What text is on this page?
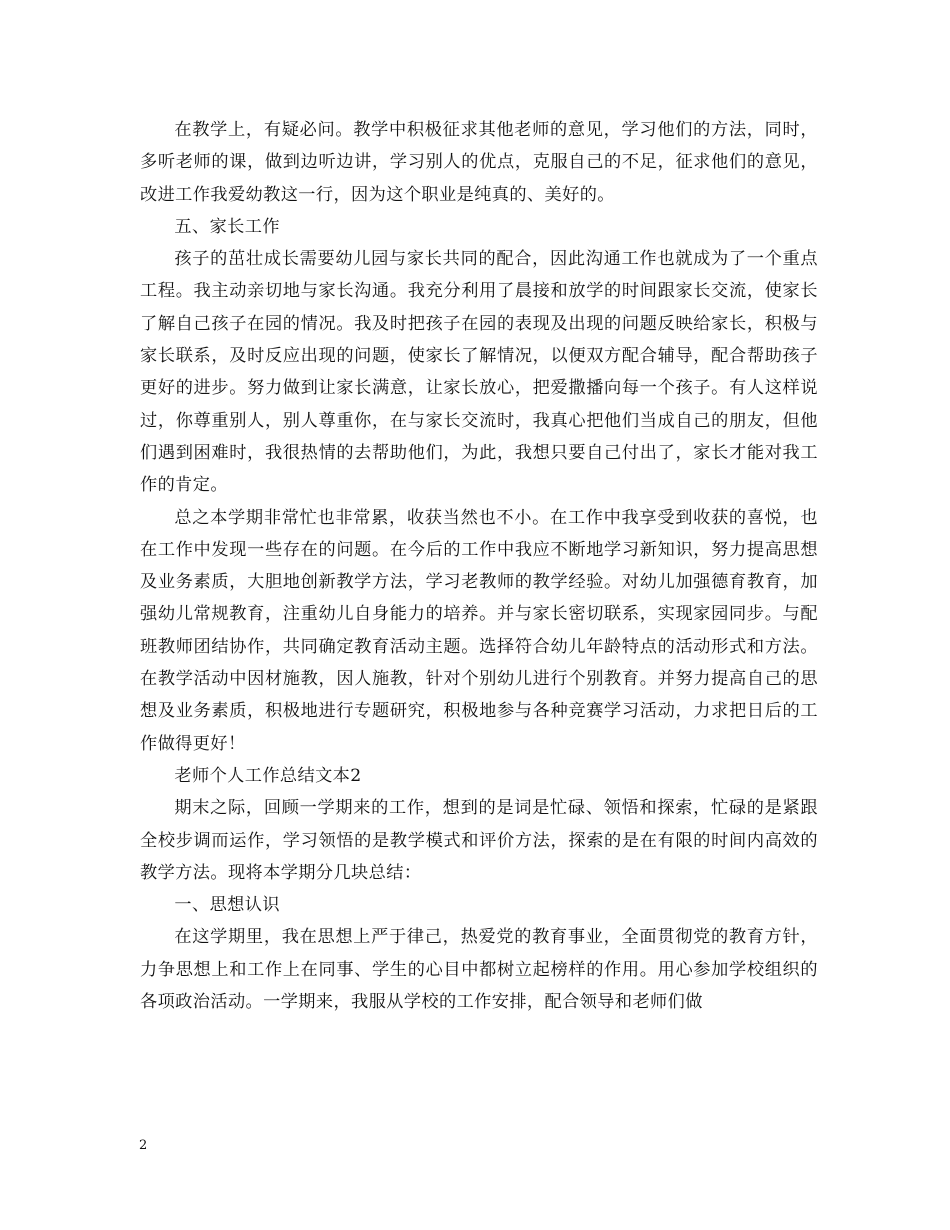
在教学上，有疑必问。教学中积极征求其他老师的意见，学习他们的方法，同时，多听老师的课，做到边听边讲，学习别人的优点，克服自己的不足，征求他们的意见，改进工作我爱幼教这一行，因为这个职业是纯真的、美好的。

五、家长工作

孩子的茁壮成长需要幼儿园与家长共同的配合，因此沟通工作也就成为了一个重点工程。我主动亲切地与家长沟通。我充分利用了晨接和放学的时间跟家长交流，使家长了解自己孩子在园的情况。我及时把孩子在园的表现及出现的问题反映给家长，积极与家长联系，及时反应出现的问题，使家长了解情况，以便双方配合辅导，配合帮助孩子更好的进步。努力做到让家长满意，让家长放心，把爱撒播向每一个孩子。有人这样说过，你尊重别人，别人尊重你，在与家长交流时，我真心把他们当成自己的朋友，但他们遇到困难时，我很热情的去帮助他们，为此，我想只要自己付出了，家长才能对我工作的肯定。

总之本学期非常忙也非常累，收获当然也不小。在工作中我享受到收获的喜悦，也在工作中发现一些存在的问题。在今后的工作中我应不断地学习新知识，努力提高思想及业务素质，大胆地创新教学方法，学习老教师的教学经验。对幼儿加强德育教育，加强幼儿常规教育，注重幼儿自身能力的培养。并与家长密切联系，实现家园同步。与配班教师团结协作，共同确定教育活动主题。选择符合幼儿年龄特点的活动形式和方法。在教学活动中因材施教，因人施教，针对个别幼儿进行个别教育。并努力提高自己的思想及业务素质，积极地进行专题研究，积极地参与各种竞赛学习活动，力求把日后的工作做得更好！

老师个人工作总结文本2

期末之际，回顾一学期来的工作，想到的是词是忙碌、领悟和探索，忙碌的是紧跟全校步调而运作，学习领悟的是教学模式和评价方法，探索的是在有限的时间内高效的教学方法。现将本学期分几块总结：

一、思想认识

在这学期里，我在思想上严于律己，热爱党的教育事业，全面贯彻党的教育方针，力争思想上和工作上在同事、学生的心目中都树立起榜样的作用。用心参加学校组织的各项政治活动。一学期来，我服从学校的工作安排，配合领导和老师们做

2
